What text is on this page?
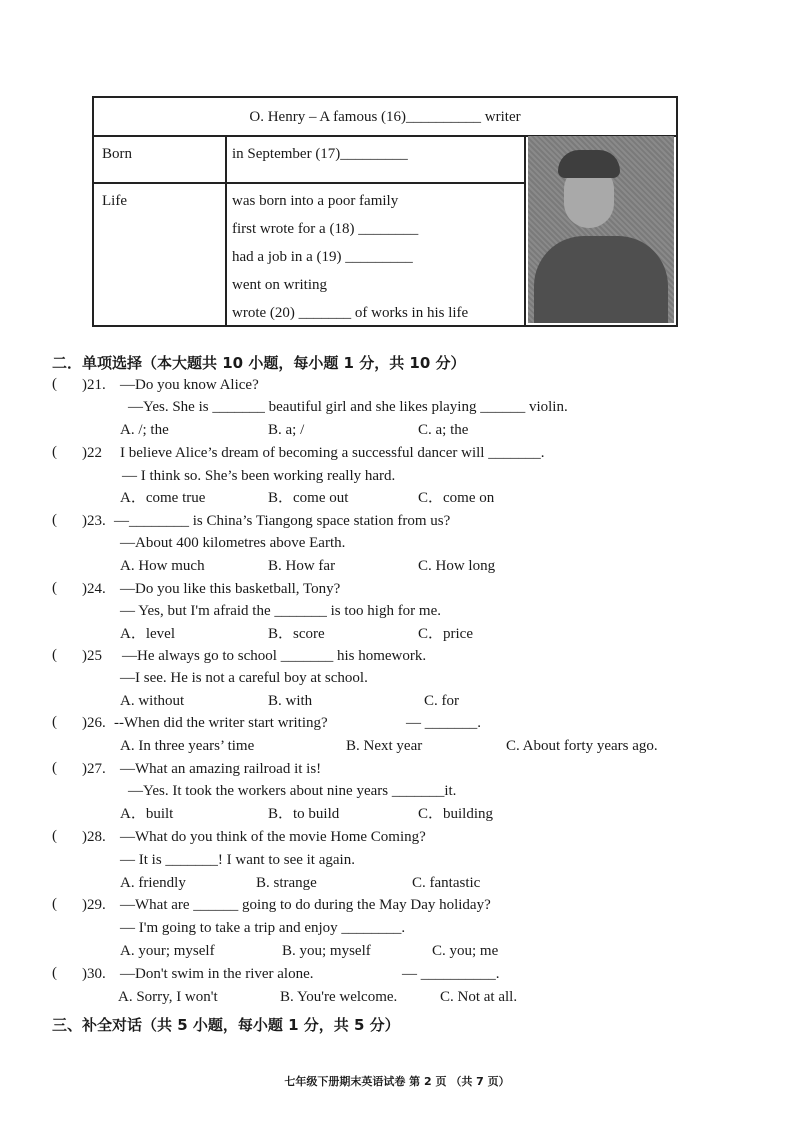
O. Henry – A famous (16)__________ writer
Born	in September (17)_________
Life	was born into a poor family
first wrote for a (18) ________
had a job in a (19) _________
went on writing
wrote (20) _______ of works in his life
二．单项选择（本大题共 10 小题，每小题 1 分，共 10 分）
( )21. —Do you know Alice?
—Yes. She is _______ beautiful girl and she likes playing ______ violin.
A. /; the	B. a; /	C. a; the
( )22 I believe Alice’s dream of becoming a successful dancer will _______.
— I think so. She’s been working really hard.
A．come true	B．come out	C．come on
( )23. —________ is China’s Tiangong space station from us?
—About 400 kilometres above Earth.
A. How much	B. How far	C. How long
( )24. —Do you like this basketball, Tony?
— Yes, but I'm afraid the _______ is too high for me.
A．level	B．score	C．price
( )25 —He always go to school _______ his homework.
—I see. He is not a careful boy at school.
A. without	B. with	C. for
( )26. --When did the writer start writing?	— _______.
A. In three years’ time	B. Next year	C. About forty years ago.
( )27. —What an amazing railroad it is!
—Yes. It took the workers about nine years _______it.
A．built	B．to build	C．building
( )28. —What do you think of the movie Home Coming?
— It is _______! I want to see it again.
A. friendly	B. strange	C. fantastic
( )29. —What are ______ going to do during the May Day holiday?
— I'm going to take a trip and enjoy ________.
A. your; myself	B. you; myself	C. you; me
( )30. —Don't swim in the river alone.	— __________.
A. Sorry, I won't	B. You're welcome.	C. Not at all.
三、补全对话（共 5 小题，每小题 1 分，共 5 分）
七年级下册期末英语试卷 第 2 页 （共 7 页）
